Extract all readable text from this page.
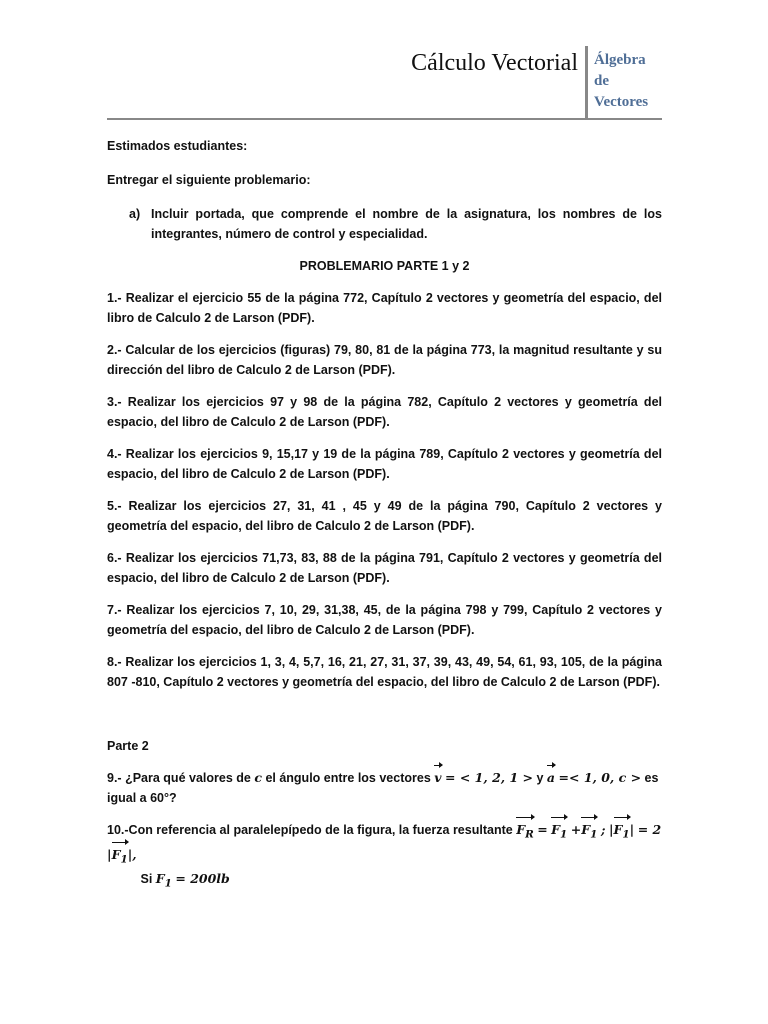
Cálculo Vectorial Álgebra
de
Vectores

Estimados estudiantes:

Entregar el siguiente problemario:

a) Incluir portada, que comprende el nombre de la asignatura, los nombres de los integrantes, número de control y especialidad.

PROBLEMARIO PARTE 1 y 2

1.- Realizar el ejercicio 55 de la página 772, Capítulo 2 vectores y geometría del espacio, del libro de Calculo 2 de Larson (PDF).

2.- Calcular de los ejercicios (figuras) 79, 80, 81 de la página 773, la magnitud resultante y su dirección del libro de Calculo 2 de Larson (PDF).

3.- Realizar los ejercicios 97 y 98 de la página 782, Capítulo 2 vectores y geometría del espacio, del libro de Calculo 2 de Larson (PDF).

4.- Realizar los ejercicios 9, 15,17 y 19 de la página 789, Capítulo 2 vectores y geometría del espacio, del libro de Calculo 2 de Larson (PDF).

5.- Realizar los ejercicios 27, 31, 41 , 45 y 49 de la página 790, Capítulo 2 vectores y geometría del espacio, del libro de Calculo 2 de Larson (PDF).

6.- Realizar los ejercicios 71,73, 83, 88 de la página 791, Capítulo 2 vectores y geometría del espacio, del libro de Calculo 2 de Larson (PDF).

7.- Realizar los ejercicios 7, 10, 29, 31,38, 45, de la página 798 y 799, Capítulo 2 vectores y geometría del espacio, del libro de Calculo 2 de Larson (PDF).

8.- Realizar los ejercicios 1, 3, 4, 5,7, 16, 21, 27, 31, 37, 39, 43, 49, 54, 61, 93, 105, de la página 807 -810, Capítulo 2 vectores y geometría del espacio, del libro de Calculo 2 de Larson (PDF).

Parte 2

9.- ¿Para qué valores de c el ángulo entre los vectores v = < 1, 2, 1 > y a =< 1, 0, c > es igual a 60°?

10.-Con referencia al paralelepípedo de la figura, la fuerza resultante $F_R = F_1 +F_1$ ; $|F_1| = 2$ $|F_1|$,
Si $F_1 = 200lb$
